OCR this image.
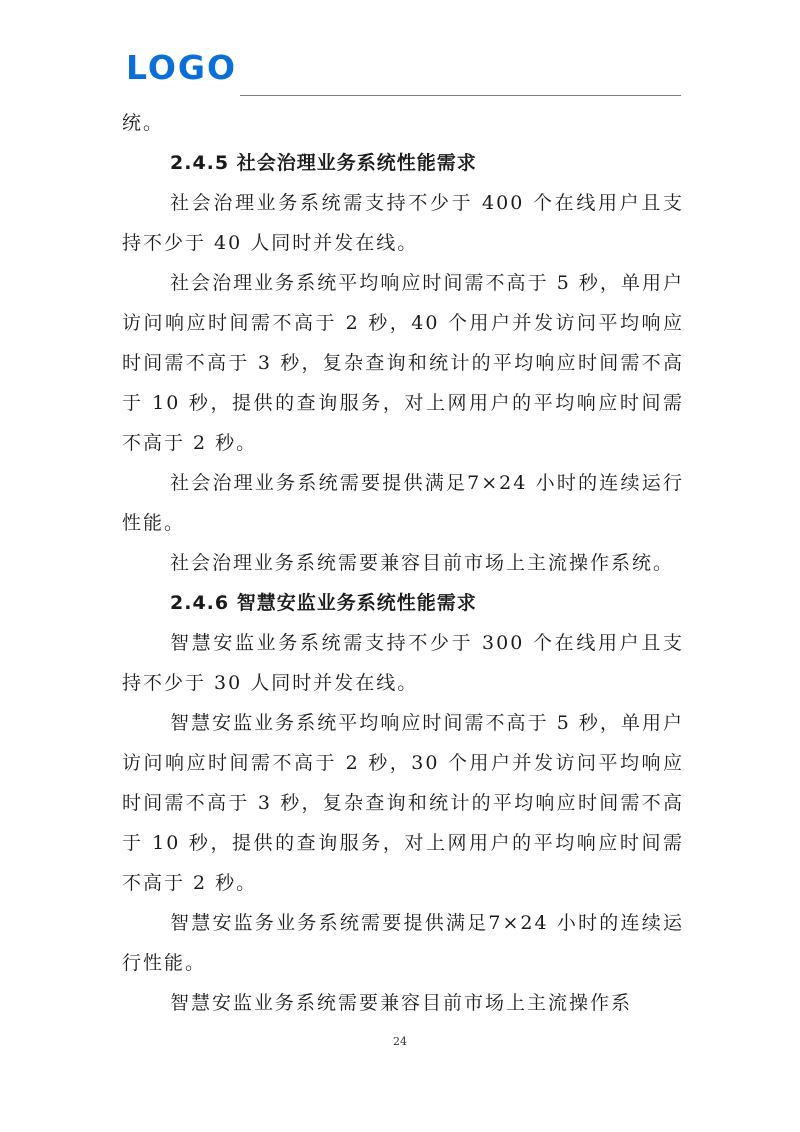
LOGO

统。

2.4.5 社会治理业务系统性能需求

社会治理业务系统需支持不少于 400 个在线用户且支持不少于 40 人同时并发在线。

社会治理业务系统平均响应时间需不高于 5 秒，单用户访问响应时间需不高于 2 秒，40 个用户并发访问平均响应时间需不高于 3 秒，复杂查询和统计的平均响应时间需不高于 10 秒，提供的查询服务，对上网用户的平均响应时间需不高于 2 秒。

社会治理业务系统需要提供满足7×24 小时的连续运行性能。

社会治理业务系统需要兼容目前市场上主流操作系统。

2.4.6 智慧安监业务系统性能需求

智慧安监业务系统需支持不少于 300 个在线用户且支持不少于 30 人同时并发在线。

智慧安监业务系统平均响应时间需不高于 5 秒，单用户访问响应时间需不高于 2 秒，30 个用户并发访问平均响应时间需不高于 3 秒，复杂查询和统计的平均响应时间需不高于 10 秒，提供的查询服务，对上网用户的平均响应时间需不高于 2 秒。

智慧安监务业务系统需要提供满足7×24 小时的连续运行性能。

智慧安监业务系统需要兼容目前市场上主流操作系

24
